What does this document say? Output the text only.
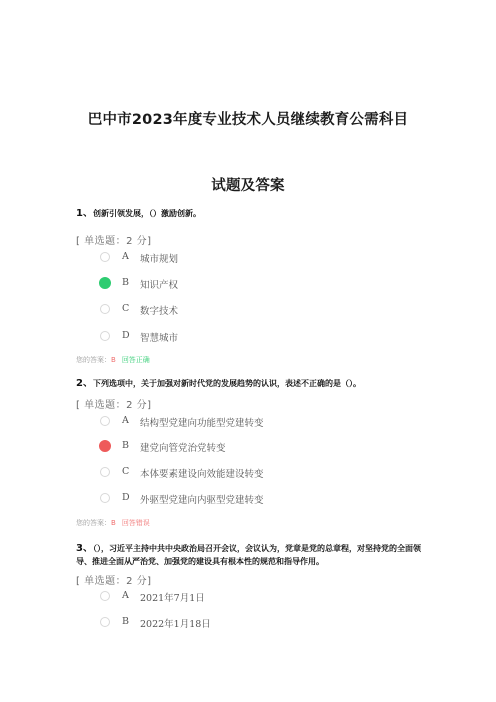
巴中市2023年度专业技术人员继续教育公需科目
试题及答案
1、创新引领发展，（）激励创新。
[ 单选题：2 分]
A 城市规划
B 知识产权
C 数字技术
D 智慧城市
您的答案：B 回答正确
2、下列选项中，关于加强对新时代党的发展趋势的认识，表述不正确的是（）。
[ 单选题：2 分]
A 结构型党建向功能型党建转变
B 建党向管党治党转变
C 本体要素建设向效能建设转变
D 外驱型党建向内驱型党建转变
您的答案：B 回答错误
3、（），习近平主持中共中央政治局召开会议，会议认为，党章是党的总章程，对坚持党的全面领导、推进全面从严治党、加强党的建设具有根本性的规范和指导作用。
[ 单选题：2 分]
A 2021年7月1日
B 2022年1月18日
